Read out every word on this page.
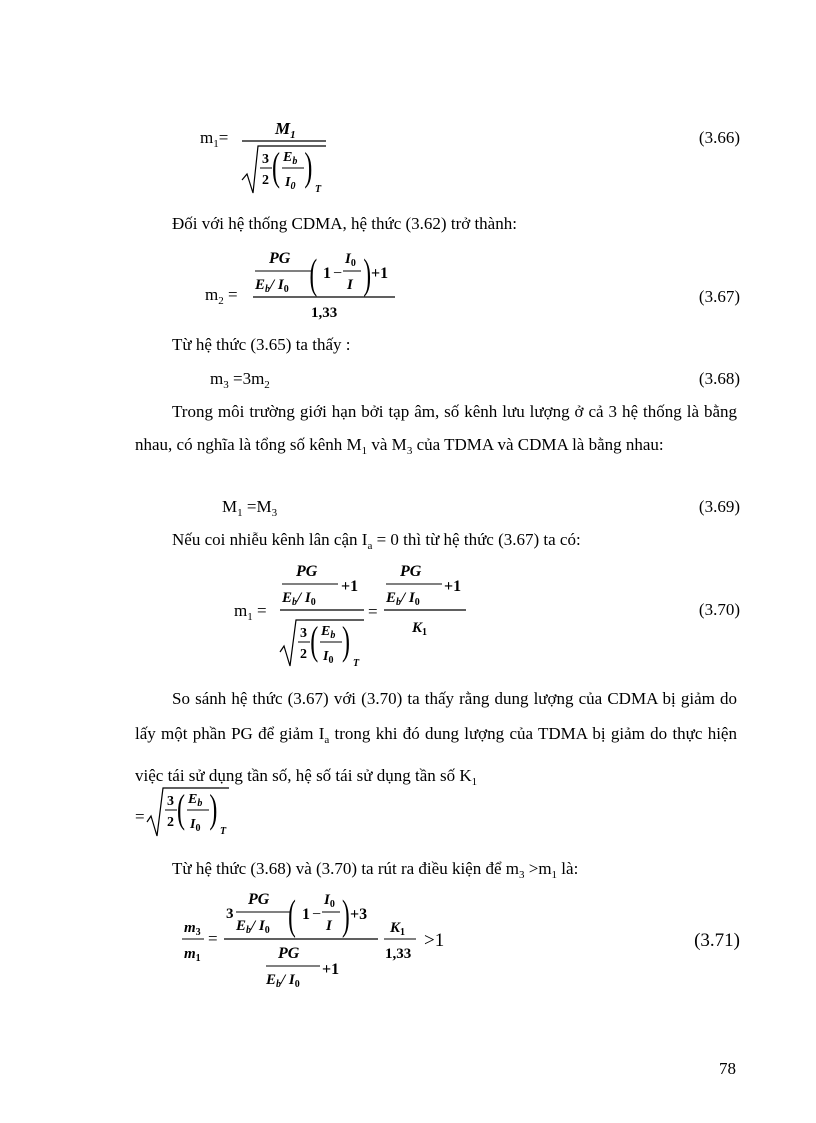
$m_1=$	$M_1$
3
2 ( $E_b$
$I_0$ ) T
(3.66)
Đối với hệ thống CDMA, hệ thức (3.62) trở thành:
$m_2$ =
PG
$E_b/$ $I_0$ ( 1 −
$I_0$
I ) +1
1,33
(3.67)
Từ hệ thức (3.65) ta thấy :
$m_3 =3m_2$	(3.68)
Trong môi trường giới hạn bởi tạp âm, số kênh lưu lượng ở cả 3 hệ thống là bằng nhau, có nghĩa là tổng số kênh $M_1$ và $M_3$ của TDMA và CDMA là bằng nhau:
$M_1 =M_3$	(3.69)
Nếu coi nhiễu kênh lân cận $I_a = 0$ thì từ hệ thức (3.67) ta có:
$m_1$ =
PG
$E_b/$ $I_0$
+1
3
2 ( $E_b$
$I_0$ ) T
=
PG
$E_b/$ $I_0$
+1
$K_1$
(3.70)
So sánh hệ thức (3.67) với (3.70) ta thấy rằng dung lượng của CDMA bị giảm do lấy một phần PG để giảm $I_a$ trong khi đó dung lượng của TDMA bị giảm do thực hiện việc tái sử dụng tần số, hệ số tái sử dụng tần số $K_1$
=
3
2 ( $E_b$
$I_0$ ) T
Từ hệ thức (3.68) và (3.70) ta rút ra điều kiện để $m_3 >m_1$ là:
$m_3$
$m_1$
=
3
PG
$E_b/$ $I_0$ ( 1 −
$I_0$
I ) +3
PG
$E_b/$ $I_0$
+1
$K_1$
1,33
>1	(3.71)
78
